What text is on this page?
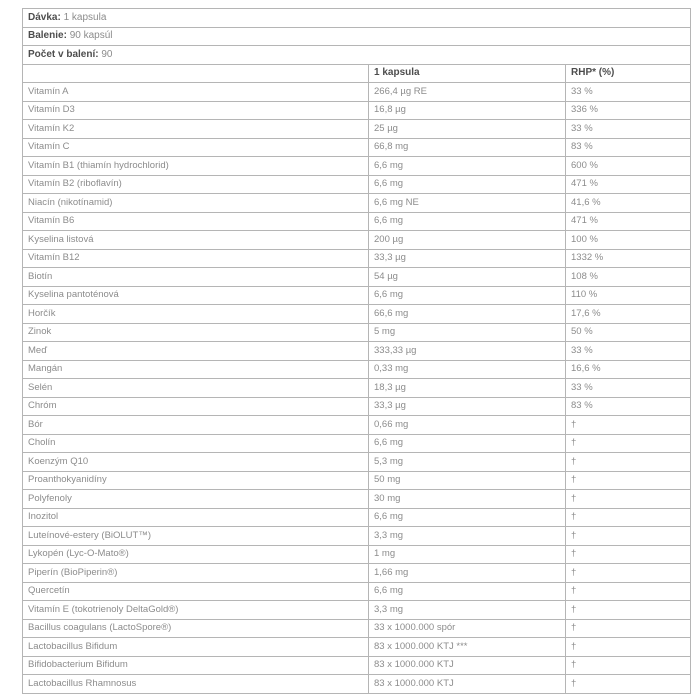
Dávka: 1 kapsula		
Balenie: 90 kapsúl		
Počet v balení: 90		
	1 kapsula	RHP* (%)
Vitamín A	266,4 µg RE	33 %
Vitamín D3	16,8 µg	336 %
Vitamín K2	25 µg	33 %
Vitamín C	66,8 mg	83 %
Vitamín B1 (thiamín hydrochlorid)	6,6 mg	600 %
Vitamín B2 (riboflavín)	6,6 mg	471 %
Niacín (nikotínamid)	6,6 mg NE	41,6 %
Vitamín B6	6,6 mg	471 %
Kyselina listová	200 µg	100 %
Vitamín B12	33,3 µg	1332 %
Biotín	54 µg	108 %
Kyselina pantoténová	6,6 mg	110 %
Horčík	66,6 mg	17,6 %
Zinok	5 mg	50 %
Meď	333,33 µg	33 %
Mangán	0,33 mg	16,6 %
Selén	18,3 µg	33 %
Chróm	33,3 µg	83 %
Bór	0,66 mg	†
Cholín	6,6 mg	†
Koenzým Q10	5,3 mg	†
Proanthokyanidíny	50 mg	†
Polyfenoly	30 mg	†
Inozitol	6,6 mg	†
Luteínové-estery (BiOLUT™)	3,3 mg	†
Lykopén (Lyc-O-Mato®)	1 mg	†
Piperín (BioPiperin®)	1,66 mg	†
Quercetín	6,6 mg	†
Vitamín E (tokotrienoly DeltaGold®)	3,3 mg	†
Bacillus coagulans (LactoSpore®)	33 x 1000.000 spór	†
Lactobacillus Bifidum	83 x 1000.000 KTJ ***	†
Bifidobacterium Bifidum	83 x 1000.000 KTJ	†
Lactobacillus Rhamnosus	83 x 1000.000 KTJ	†
